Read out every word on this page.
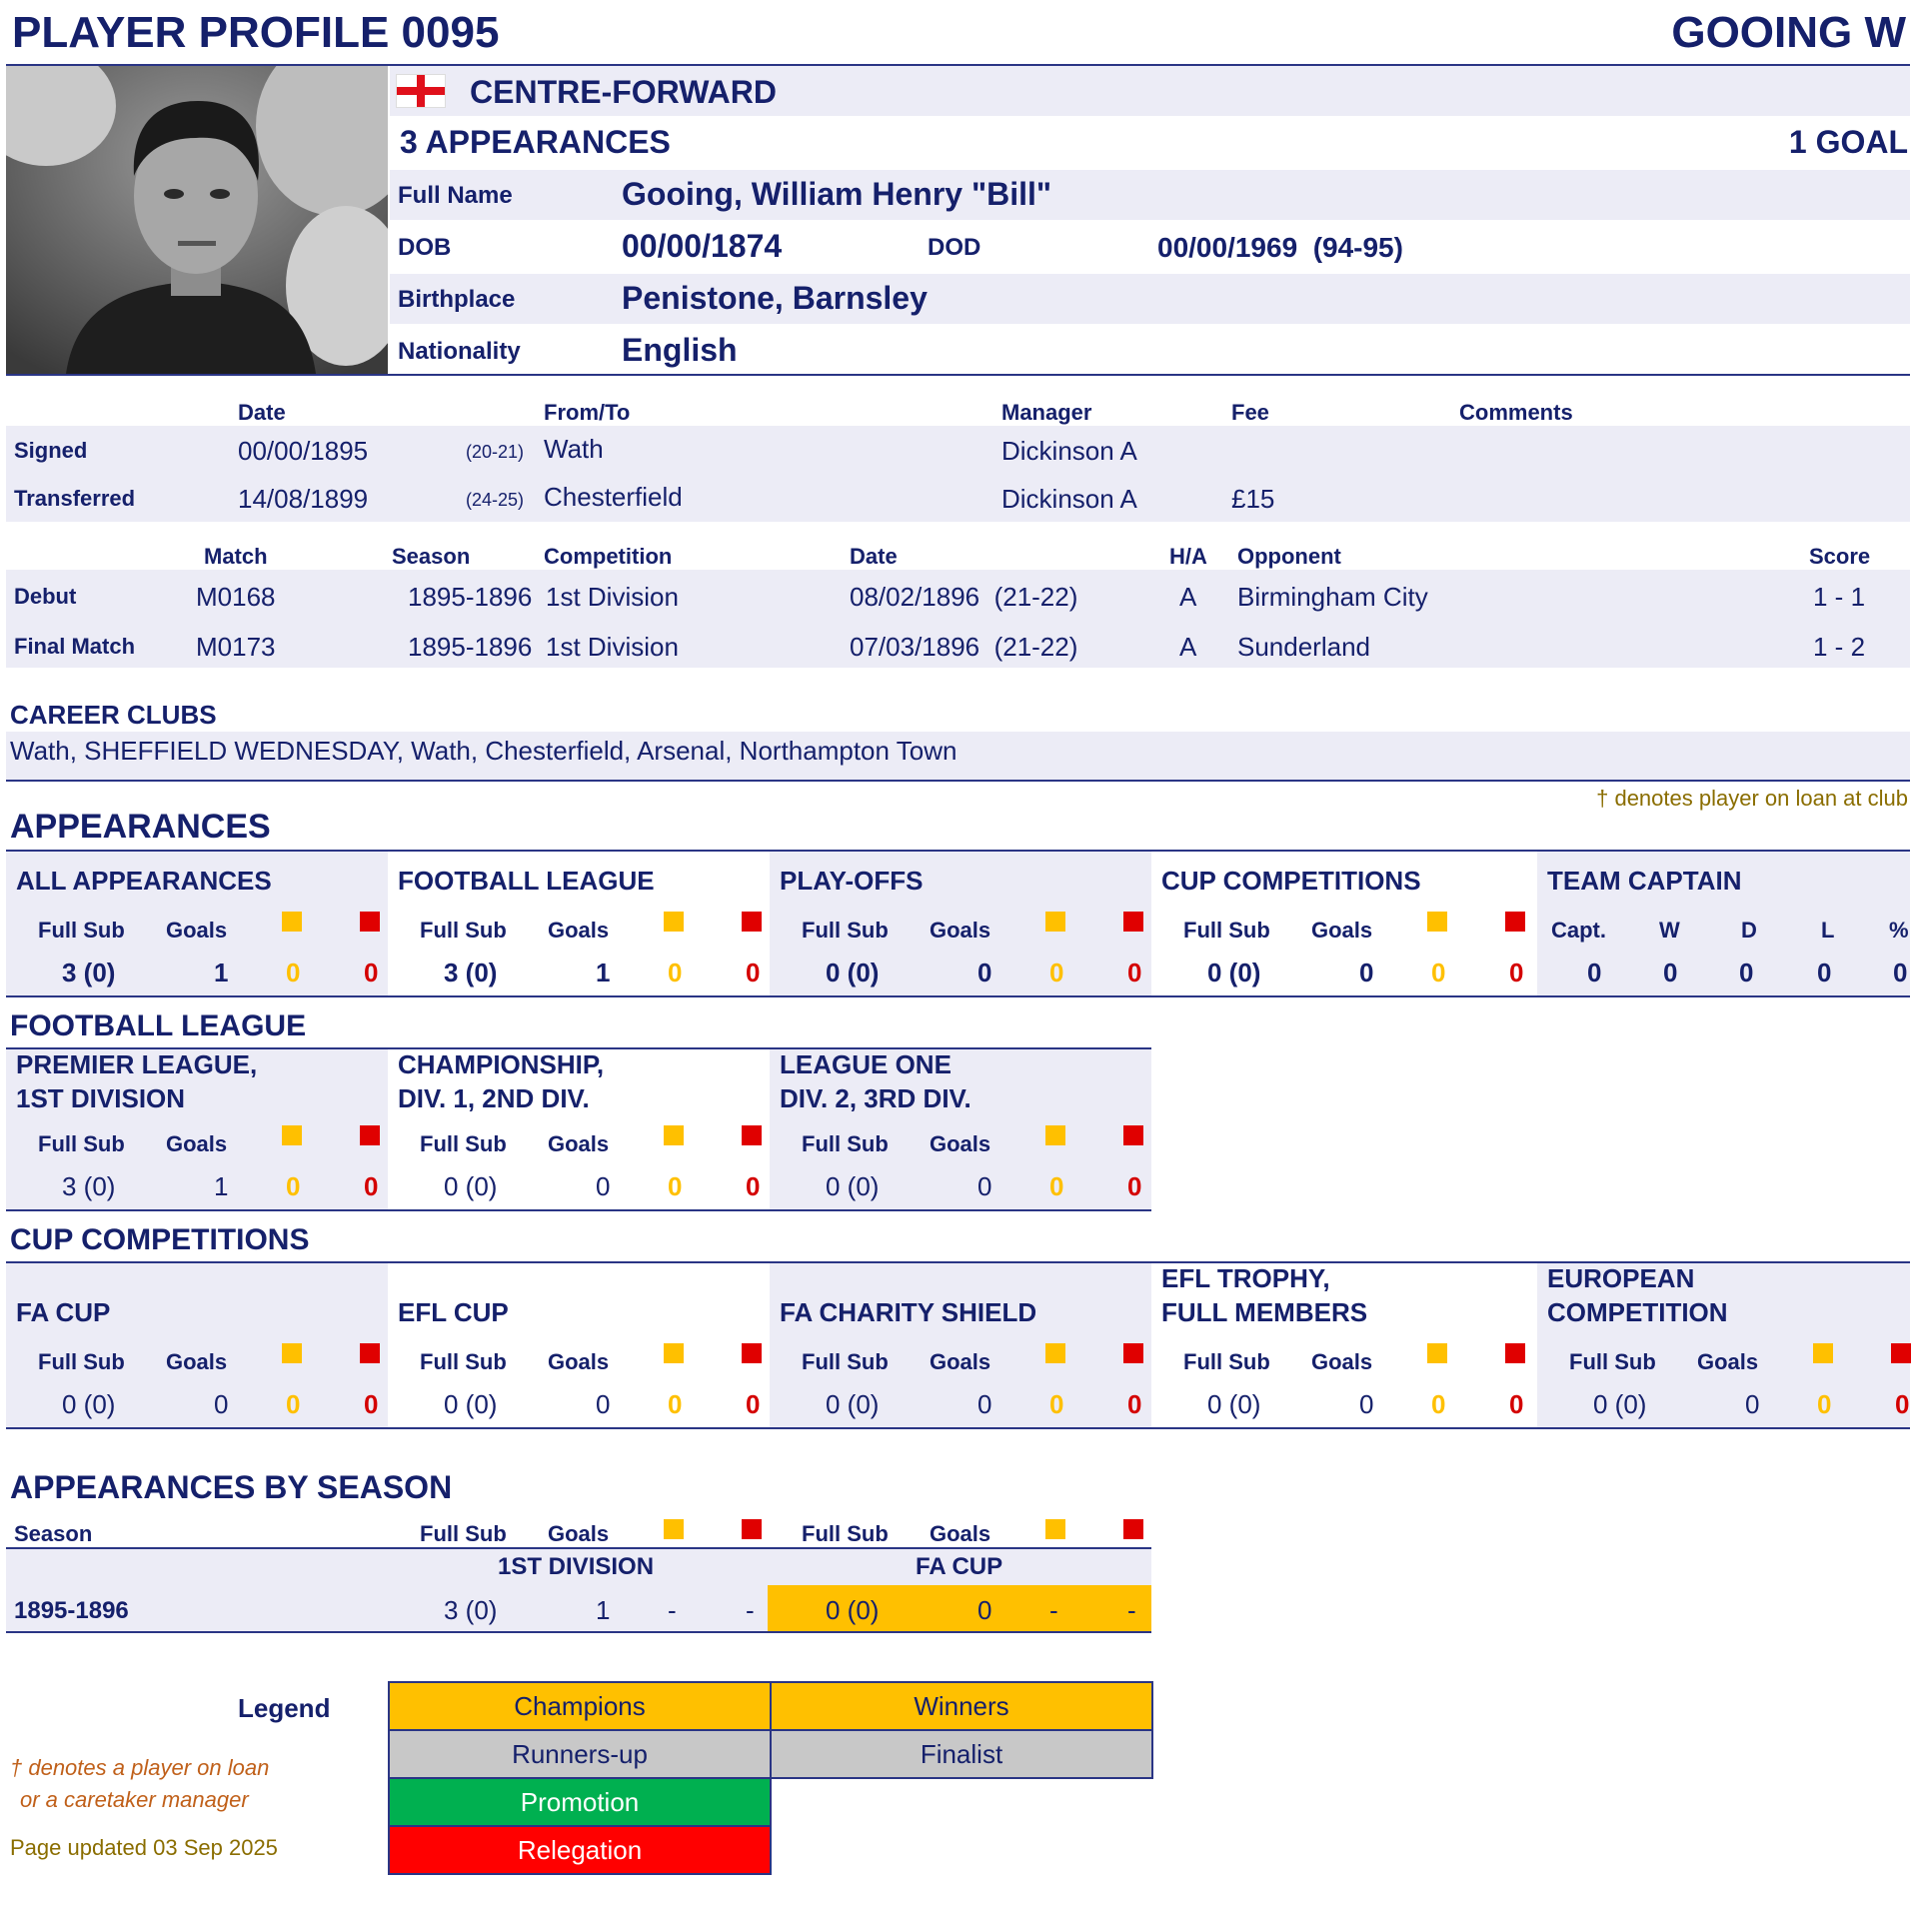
PLAYER PROFILE 0095	GOOING W
CENTRE-FORWARD
3 APPEARANCES	1 GOAL
Full Name	Gooing, William Henry "Bill"
DOB	00/00/1874	DOD	00/00/1969  (94-95)
Birthplace	Penistone, Barnsley
Nationality	English
Date	From/To	Manager	Fee	Comments
Signed	00/00/1895	(20-21) Wath	Dickinson A
Transferred	14/08/1899	(24-25) Chesterfield	Dickinson A	£15
Match	Season	Competition	Date	H/A Opponent	Score
Debut	M0168	1895-1896 1st Division	08/02/1896  (21-22)	A Birmingham City	1 - 1
Final Match M0173	1895-1896 1st Division	07/03/1896  (21-22)	A Sunderland	1 - 2
CAREER CLUBS
Wath, SHEFFIELD WEDNESDAY, Wath, Chesterfield, Arsenal, Northampton Town
† denotes player on loan at club
APPEARANCES
ALL APPEARANCES
Full Sub Goals
3 (0)	1 0 0
FOOTBALL LEAGUE
Full Sub Goals
3 (0)	1 0 0
PLAY-OFFS
Full Sub Goals
0 (0)	0 0 0
CUP COMPETITIONS
Full Sub Goals
0 (0)	0 0 0
TEAM CAPTAIN
Capt. W	D	L %
0 0 0 0 0
FOOTBALL LEAGUE
PREMIER LEAGUE,
1ST DIVISION
Full Sub Goals
3 (0)	1 0 0
CHAMPIONSHIP,
DIV. 1, 2ND DIV.
Full Sub Goals
0 (0)	0 0 0
LEAGUE ONE
DIV. 2, 3RD DIV.
Full Sub Goals
0 (0)	0 0 0
CUP COMPETITIONS
FA CUP
Full Sub Goals
0 (0)	0 0 0
EFL CUP
Full Sub Goals
0 (0)	0 0 0
FA CHARITY SHIELD
Full Sub Goals
0 (0)	0 0 0
EFL TROPHY,
FULL MEMBERS
Full Sub Goals
0 (0)	0 0 0
EUROPEAN
COMPETITION
Full Sub Goals
0 (0)	0 0 0
APPEARANCES BY SEASON
Season	Full Sub Goals	Full Sub Goals
1ST DIVISION	FA CUP
1895-1896	3 (0)	1 -	-	0 (0)	0 -	-
Legend	Champions	Winners
Runners-up	Finalist
Promotion
Relegation
† denotes a player on loan
or a caretaker manager
Page updated 03 Sep 2025
